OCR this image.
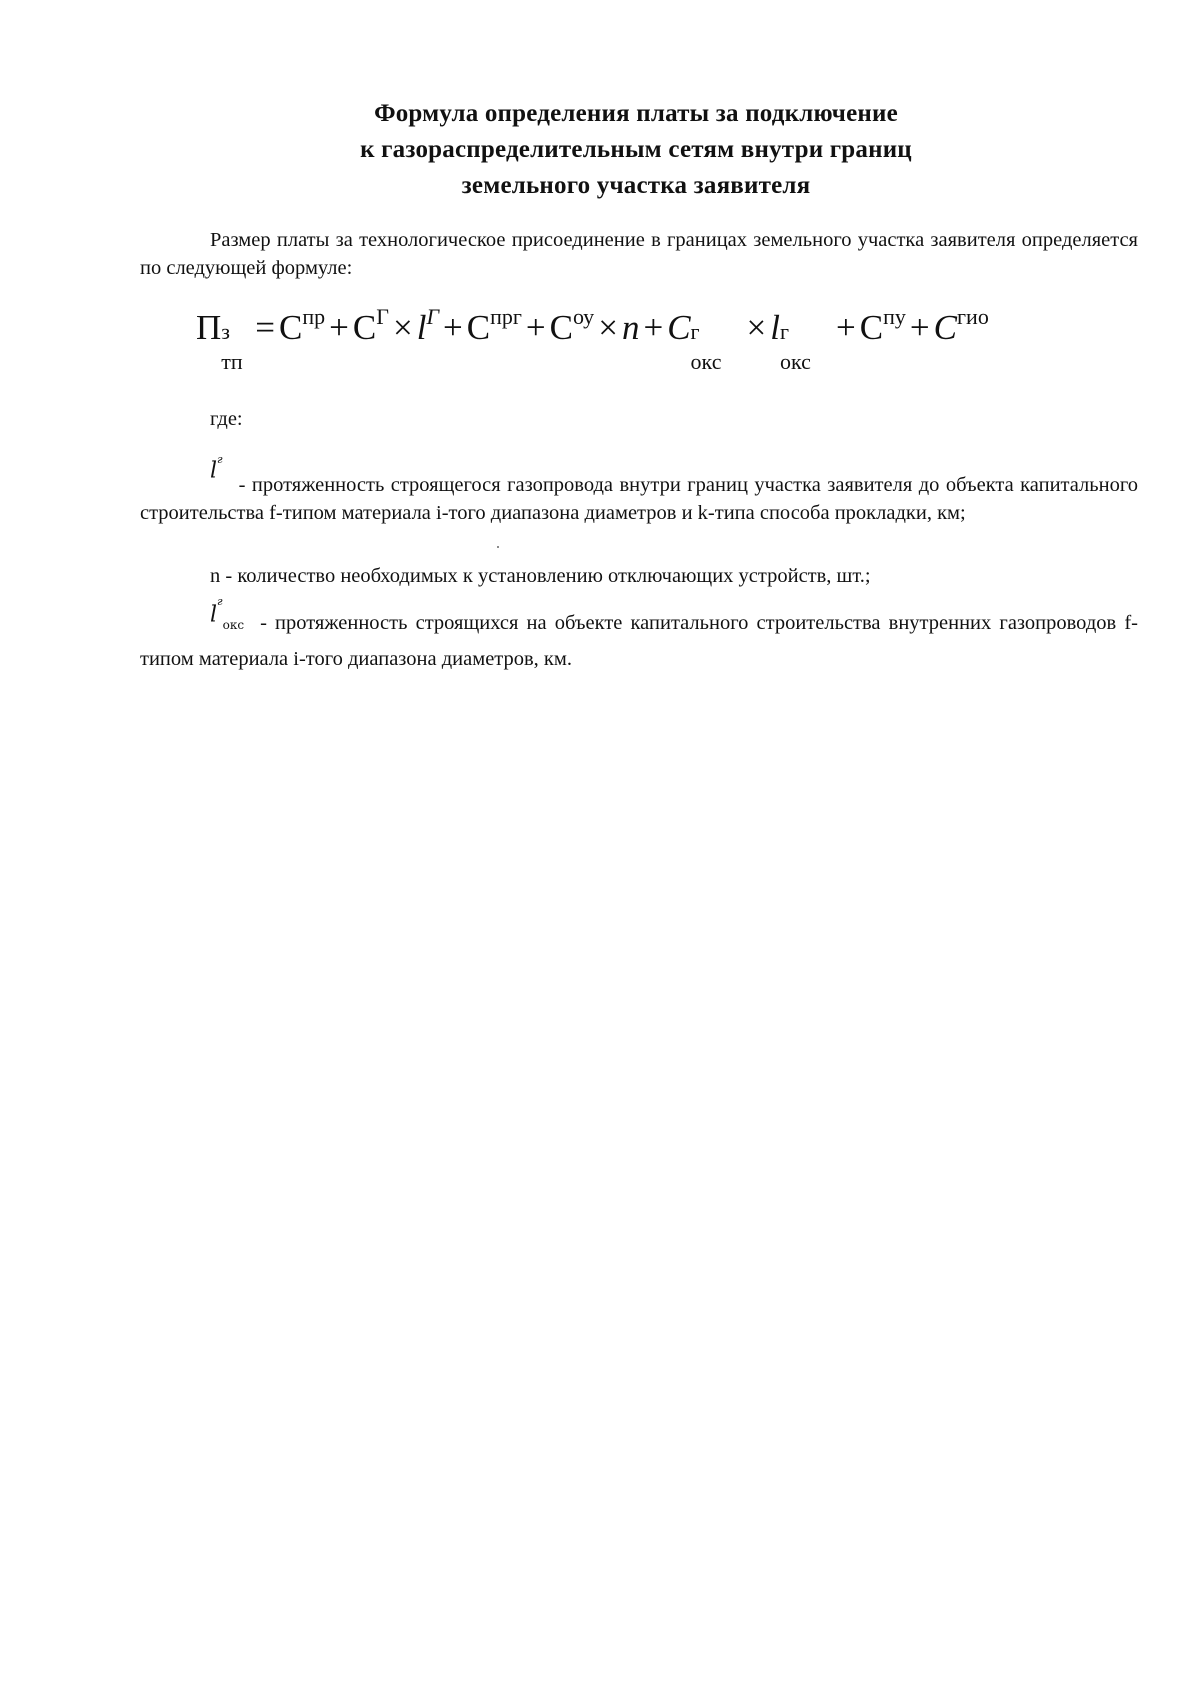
Формула определения платы за подключение
к газораспределительным сетям внутри границ
земельного участка заявителя
Размер платы за технологическое присоединение в границах земельного участка заявителя определяется по следующей формуле:
П з
тп
= $С^{пр} + С^Г \times l^Г + С^{прг} + С^{оу} \times n + C$ г
окс
× l г
окс
+ $С^{пу} + C^{гио}$
где:
$l^г-$ протяженность строящегося газопровода внутри границ участка заявителя до объекта капитального строительства f-типом материала i-того диапазона диаметров и k-типа способа прокладки, км;
n - количество необходимых к установлению отключающих устройств, шт.;
$l^г_{окс}$ - протяженность строящихся на объекте капитального строительства внутренних газопроводов f-типом материала i-того диапазона диаметров, км.
